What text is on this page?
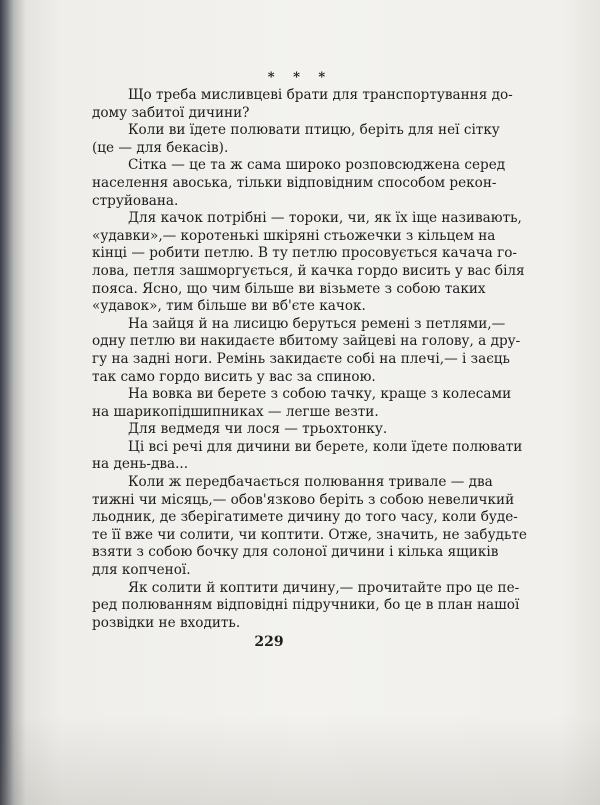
* * *
Що треба мисливцеві брати для транспортування до-
дому забитої дичини?
Коли ви їдете полювати птицю, беріть для неї сітку
(це — для бекасів).
Сітка — це та ж сама широко розповсюджена серед
населення авоська, тільки відповідним способом рекон-
струйована.
Для качок потрібні — тороки, чи, як їх іще називають,
«удавки»,— коротенькі шкіряні стьожечки з кільцем на
кінці — робити петлю. В ту петлю просовується качача го-
лова, петля зашморгується, й качка гордо висить у вас біля
пояса. Ясно, що чим більше ви візьмете з собою таких
«удавок», тим більше ви вб'єте качок.
На зайця й на лисицю беруться ремені з петлями,—
одну петлю ви накидаєте вбитому зайцеві на голову, а дру-
гу на задні ноги. Ремінь закидаєте собі на плечі,— і заєць
так само гордо висить у вас за спиною.
На вовка ви берете з собою тачку, краще з колесами
на шарикопідшипниках — легше везти.
Для ведмедя чи лося — трьохтонку.
Ці всі речі для дичини ви берете, коли їдете полювати
на день-два...
Коли ж передбачається полювання тривале — два
тижні чи місяць,— обов'язково беріть з собою невеличкий
льодник, де зберігатимете дичину до того часу, коли буде-
те її вже чи солити, чи коптити. Отже, значить, не забудьте
взяти з собою бочку для солоної дичини і кілька ящиків
для копченої.
Як солити й коптити дичину,— прочитайте про це пе-
ред полюванням відповідні підручники, бо це в план нашої
розвідки не входить.
229
